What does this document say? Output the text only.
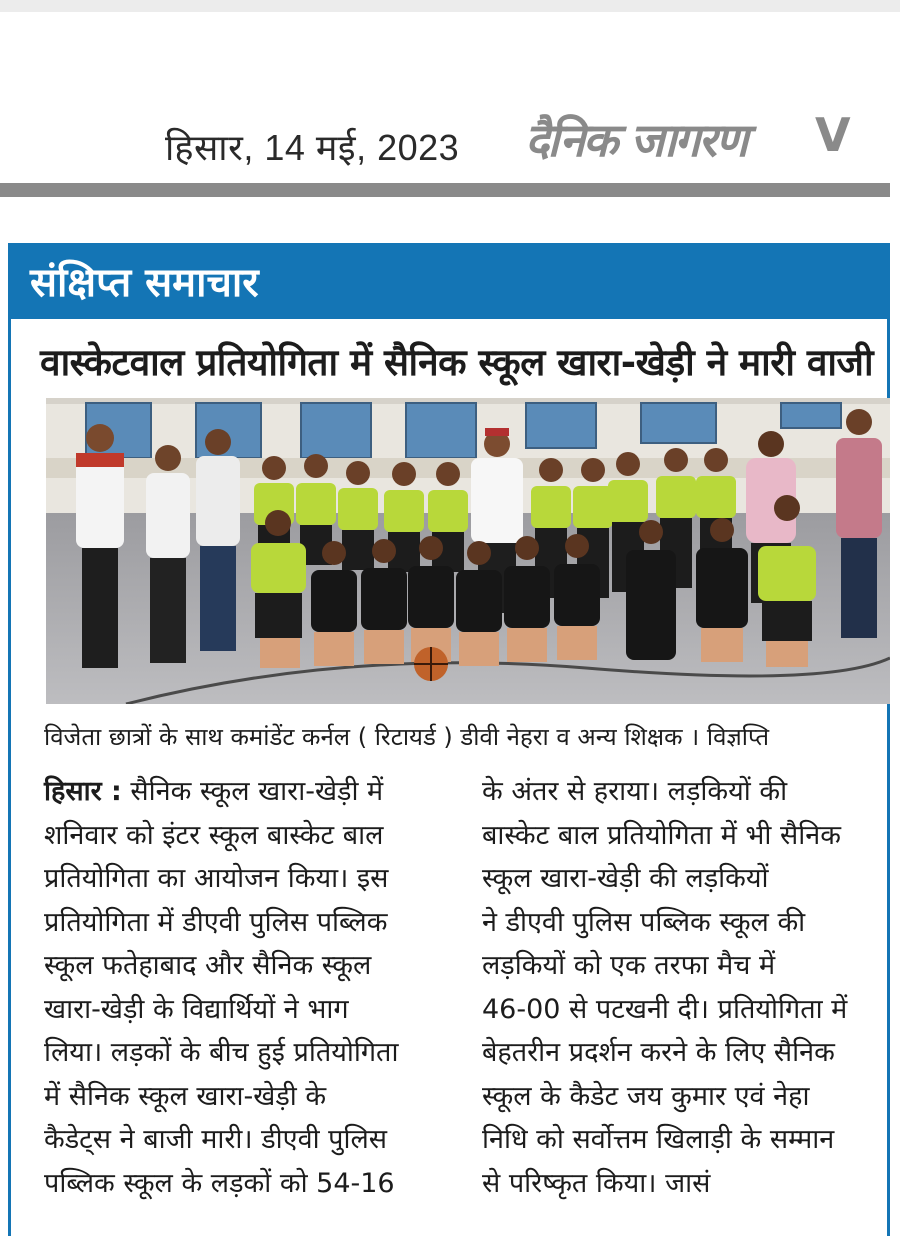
हिसार, 14 मई, 2023 दैनिक जागरण V
संक्षिप्त समाचार
वास्केटवाल प्रतियोगिता में सैनिक स्कूल खारा-खेड़ी ने मारी वाजी
विजेता छात्रों के साथ कमांडेंट कर्नल ( रिटायर्ड ) डीवी नेहरा व अन्य शिक्षक । विज्ञप्ति
हिसार : सैनिक स्कूल खारा-खेड़ी में
शनिवार को इंटर स्कूल बास्केट बाल
प्रतियोगिता का आयोजन किया। इस
प्रतियोगिता में डीएवी पुलिस पब्लिक
स्कूल फतेहाबाद और सैनिक स्कूल
खारा-खेड़ी के विद्यार्थियों ने भाग
लिया। लड़कों के बीच हुई प्रतियोगिता
में सैनिक स्कूल खारा-खेड़ी के
कैडेट्स ने बाजी मारी। डीएवी पुलिस
पब्लिक स्कूल के लड़कों को 54-16
के अंतर से हराया। लड़कियों की
बास्केट बाल प्रतियोगिता में भी सैनिक
स्कूल खारा-खेड़ी की लड़कियों
ने डीएवी पुलिस पब्लिक स्कूल की
लड़कियों को एक तरफा मैच में
46-00 से पटखनी दी। प्रतियोगिता में
बेहतरीन प्रदर्शन करने के लिए सैनिक
स्कूल के कैडेट जय कुमार एवं नेहा
निधि को सर्वोत्तम खिलाड़ी के सम्मान
से परिष्कृत किया। जासं
